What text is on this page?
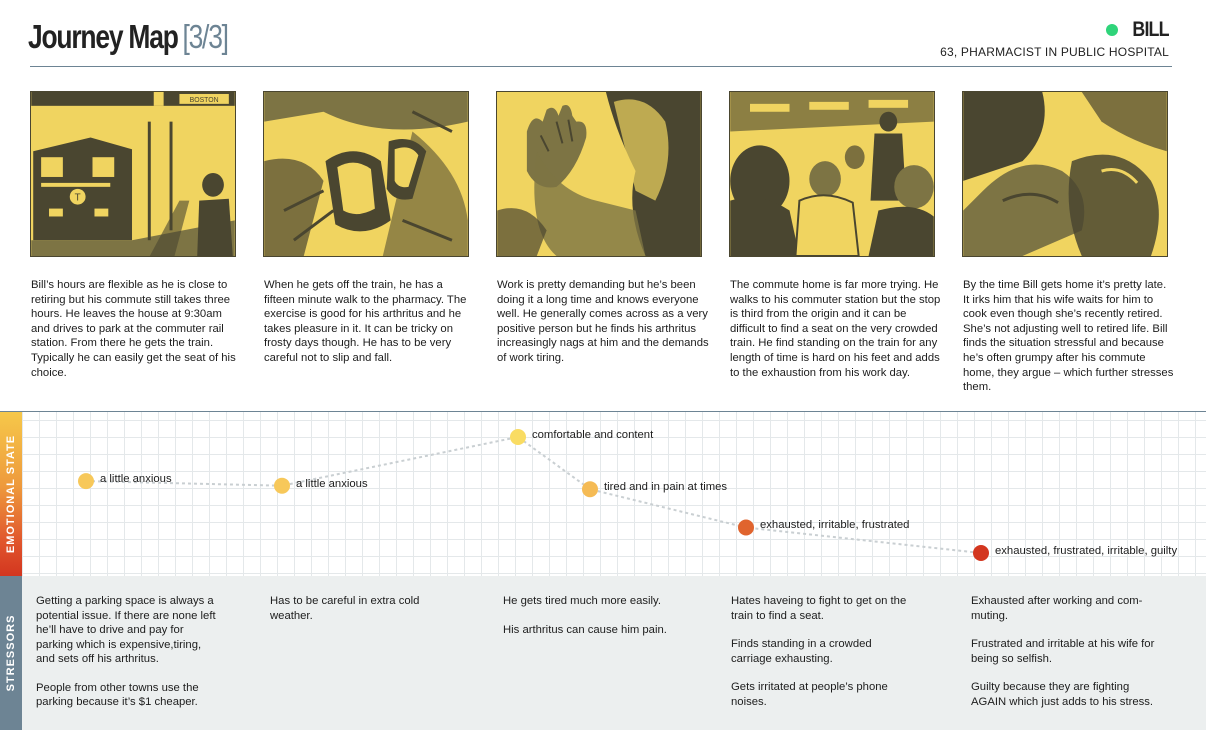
Journey Map [3/3]	BILL
63, PHARMACIST IN PUBLIC HOSPITAL
BOSTON
T
Bill’s hours are flexible as he is close to retiring but his commute still takes three hours. He leaves the house at 9:30am and drives to park at the commuter rail station. From there he gets the train. Typically he can easily get the seat of his choice.
When he gets off the train, he has a fifteen minute walk to the pharmacy. The exercise is good for his arthritus and he takes pleasure in it. It can be tricky on frosty days though. He has to be very careful not to slip and fall.
Work is pretty demanding but he’s been doing it a long time and knows everyone well. He generally comes across as a very positive person but he finds his arthritus increasingly nags at him and the demands of work tiring.
The commute home is far more trying. He walks to his commuter station but the stop is third from the origin and it can be difficult to find a seat on the very crowded train. He find standing on the train for any length of time is hard on his feet and adds to the exhaustion from his work day.
By the time Bill gets home it’s pretty late. It irks him that his wife waits for him to cook even though she’s recently retired. She’s not adjusting well to retired life. Bill finds the situation stressful and because he’s often grumpy after his commute home, they argue – which further stresses them.
EMOTIONAL STATE	a little anxious	a little anxious
comfortable and content
tired and in pain at times
exhausted, irritable, frustrated
exhausted, frustrated, irritable, guilty
STRESSORS

Getting a parking space is always a
potential issue. If there are none left
he’ll have to drive and pay for
parking which is expensive,tiring,
and sets off his arthritus.

People from other towns use the
parking because it’s $1 cheaper.

Has to be careful in extra cold
weather.

He gets tired much more easily.

His arthritus can cause him pain.

Hates haveing to fight to get on the
train to find a seat.

Finds standing in a crowded
carriage exhausting.

Gets irritated at people’s phone
noises.

Exhausted after working and com-
muting.

Frustrated and irritable at his wife for
being so selfish.

Guilty because they are fighting
AGAIN which just adds to his stress.
